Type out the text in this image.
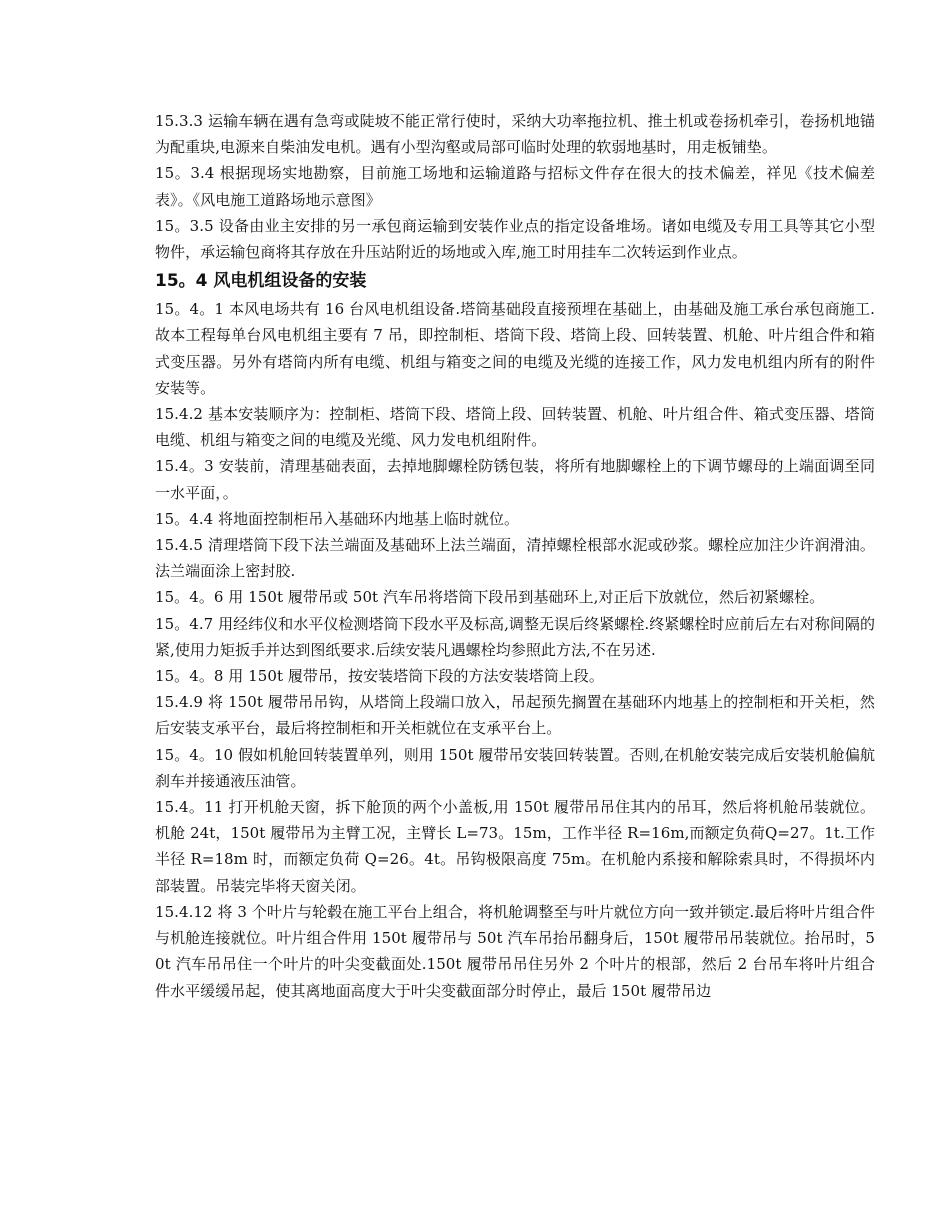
15.3.3 运输车辆在遇有急弯或陡坡不能正常行使时，采纳大功率拖拉机、推土机或卷扬机牵引，卷扬机地锚为配重块,电源来自柴油发电机。遇有小型沟壑或局部可临时处理的软弱地基时，用走板铺垫。

15。3.4 根据现场实地勘察，目前施工场地和运输道路与招标文件存在很大的技术偏差，祥见《技术偏差表》。《风电施工道路场地示意图》

15。3.5 设备由业主安排的另一承包商运输到安装作业点的指定设备堆场。诸如电缆及专用工具等其它小型物件，承运输包商将其存放在升压站附近的场地或入库,施工时用挂车二次转运到作业点。

15。4 风电机组设备的安装

15。4。1 本风电场共有 16 台风电机组设备.塔筒基础段直接预埋在基础上，由基础及施工承台承包商施工.故本工程每单台风电机组主要有 7 吊，即控制柜、塔筒下段、塔筒上段、回转装置、机舱、叶片组合件和箱式变压器。另外有塔筒内所有电缆、机组与箱变之间的电缆及光缆的连接工作，风力发电机组内所有的附件安装等。

15.4.2 基本安装顺序为：控制柜、塔筒下段、塔筒上段、回转装置、机舱、叶片组合件、箱式变压器、塔筒电缆、机组与箱变之间的电缆及光缆、风力发电机组附件。

15.4。3 安装前，清理基础表面，去掉地脚螺栓防锈包装，将所有地脚螺栓上的下调节螺母的上端面调至同一水平面，。

15。4.4 将地面控制柜吊入基础环内地基上临时就位。

15.4.5 清理塔筒下段下法兰端面及基础环上法兰端面，清掉螺栓根部水泥或砂浆。螺栓应加注少许润滑油。法兰端面涂上密封胶.

15。4。6 用 150t 履带吊或 50t 汽车吊将塔筒下段吊到基础环上,对正后下放就位，然后初紧螺栓。

15。4.7 用经纬仪和水平仪检测塔筒下段水平及标高,调整无误后终紧螺栓.终紧螺栓时应前后左右对称间隔的紧,使用力矩扳手并达到图纸要求.后续安装凡遇螺栓均参照此方法,不在另述.

15。4。8 用 150t 履带吊，按安装塔筒下段的方法安装塔筒上段。

15.4.9 将 150t 履带吊吊钩，从塔筒上段端口放入，吊起预先搁置在基础环内地基上的控制柜和开关柜，然后安装支承平台，最后将控制柜和开关柜就位在支承平台上。

15。4。10 假如机舱回转装置单列，则用 150t 履带吊安装回转装置。否则,在机舱安装完成后安装机舱偏航刹车并接通液压油管。

15.4。11 打开机舱天窗，拆下舱顶的两个小盖板,用 150t 履带吊吊住其内的吊耳，然后将机舱吊装就位。机舱 24t，150t 履带吊为主臂工况，主臂长 L=73。15m，工作半径 R=16m,而额定负荷Q=27。1t.工作半径 R=18m 时，而额定负荷 Q=26。4t。吊钩极限高度 75m。在机舱内系接和解除索具时，不得损坏内部装置。吊装完毕将天窗关闭。

15.4.12 将 3 个叶片与轮毂在施工平台上组合，将机舱调整至与叶片就位方向一致并锁定.最后将叶片组合件与机舱连接就位。叶片组合件用 150t 履带吊与 50t 汽车吊抬吊翻身后，150t 履带吊吊装就位。抬吊时，50t 汽车吊吊住一个叶片的叶尖变截面处.150t 履带吊吊住另外 2 个叶片的根部，然后 2 台吊车将叶片组合件水平缓缓吊起，使其离地面高度大于叶尖变截面部分时停止，最后 150t 履带吊边
